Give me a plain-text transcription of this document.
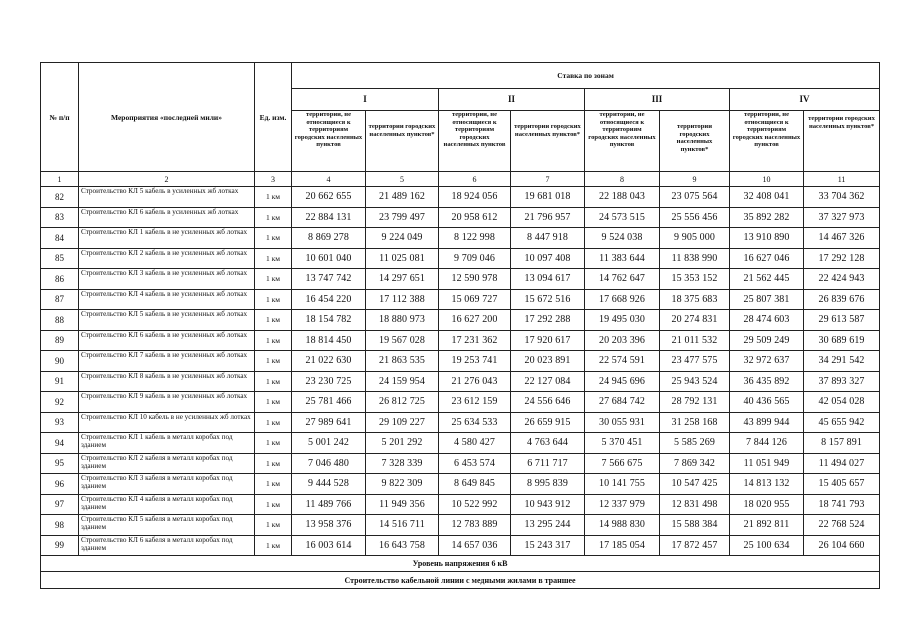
№ п/п	Мероприятия «последней мили»	Ед. изм.	Ставка по зонам							
			I		II		III		IV	
			территории, не относящиеся к территориям городских населенных пунктов	территории городских населенных пунктов*	территории, не относящиеся к территориям городских населенных пунктов	территории городских населенных пунктов*	территории, не относящиеся к территориям городских населенных пунктов	территории городских населенных пунктов*	территории, не относящиеся к территориям городских населенных пунктов	территории городских населенных пунктов*
1	2	3	4	5	6	7	8	9	10	11
82	Строительство КЛ 5 кабель в усиленных жб лотках	1 км	20 662 655	21 489 162	18 924 056	19 681 018	22 188 043	23 075 564	32 408 041	33 704 362
83	Строительство КЛ 6 кабель в усиленных жб лотках	1 км	22 884 131	23 799 497	20 958 612	21 796 957	24 573 515	25 556 456	35 892 282	37 327 973
84	Строительство КЛ 1 кабель в не усиленных жб лотках	1 км	8 869 278	9 224 049	8 122 998	8 447 918	9 524 038	9 905 000	13 910 890	14 467 326
85	Строительство КЛ 2 кабель в не усиленных жб лотках	1 км	10 601 040	11 025 081	9 709 046	10 097 408	11 383 644	11 838 990	16 627 046	17 292 128
86	Строительство КЛ 3 кабель в не усиленных жб лотках	1 км	13 747 742	14 297 651	12 590 978	13 094 617	14 762 647	15 353 152	21 562 445	22 424 943
87	Строительство КЛ 4 кабель в не усиленных жб лотках	1 км	16 454 220	17 112 388	15 069 727	15 672 516	17 668 926	18 375 683	25 807 381	26 839 676
88	Строительство КЛ 5 кабель в не усиленных жб лотках	1 км	18 154 782	18 880 973	16 627 200	17 292 288	19 495 030	20 274 831	28 474 603	29 613 587
89	Строительство КЛ 6 кабель в не усиленных жб лотках	1 км	18 814 450	19 567 028	17 231 362	17 920 617	20 203 396	21 011 532	29 509 249	30 689 619
90	Строительство КЛ 7 кабель в не усиленных жб лотках	1 км	21 022 630	21 863 535	19 253 741	20 023 891	22 574 591	23 477 575	32 972 637	34 291 542
91	Строительство КЛ 8 кабель в не усиленных жб лотках	1 км	23 230 725	24 159 954	21 276 043	22 127 084	24 945 696	25 943 524	36 435 892	37 893 327
92	Строительство КЛ 9 кабель в не усиленных жб лотках	1 км	25 781 466	26 812 725	23 612 159	24 556 646	27 684 742	28 792 131	40 436 565	42 054 028
93	Строительство КЛ 10 кабель в не усиленных жб лотках	1 км	27 989 641	29 109 227	25 634 533	26 659 915	30 055 931	31 258 168	43 899 944	45 655 942
94	Строительство КЛ 1 кабель в металл коробах под зданием	1 км	5 001 242	5 201 292	4 580 427	4 763 644	5 370 451	5 585 269	7 844 126	8 157 891
95	Строительство КЛ 2 кабеля в металл коробах под зданием	1 км	7 046 480	7 328 339	6 453 574	6 711 717	7 566 675	7 869 342	11 051 949	11 494 027
96	Строительство КЛ 3 кабеля в металл коробах под зданием	1 км	9 444 528	9 822 309	8 649 845	8 995 839	10 141 755	10 547 425	14 813 132	15 405 657
97	Строительство КЛ 4 кабеля в металл коробах под зданием	1 км	11 489 766	11 949 356	10 522 992	10 943 912	12 337 979	12 831 498	18 020 955	18 741 793
98	Строительство КЛ 5 кабеля в металл коробах под зданием	1 км	13 958 376	14 516 711	12 783 889	13 295 244	14 988 830	15 588 384	21 892 811	22 768 524
99	Строительство КЛ 6 кабеля в металл коробах под зданием	1 км	16 003 614	16 643 758	14 657 036	15 243 317	17 185 054	17 872 457	25 100 634	26 104 660
Уровень напряжения 6 кВ										
Строительство кабельной линии с медными жилами в траншее										
